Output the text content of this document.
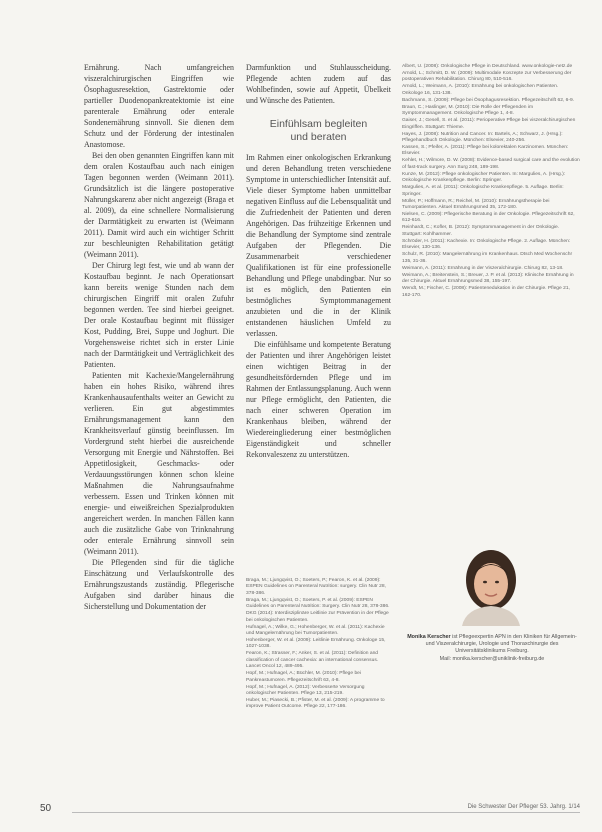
Ernährung. Nach umfangreichen viszeralchirurgischen Eingriffen wie Ösophagusresektion, Gastrektomie oder partieller Duodenopankreatektomie ist eine parenterale Ernährung oder enterale Sondenernährung sinnvoll. Sie dienen dem Schutz und der Förderung der intestinalen Anastomose.

Bei den oben genannten Eingriffen kann mit dem oralen Kostaufbau auch nach einigen Tagen begonnen werden (Weimann 2011). Grundsätzlich ist die längere postoperative Nahrungskarenz aber nicht angezeigt (Braga et al. 2009), da eine schnellere Normalisierung der Darmtätigkeit zu erwarten ist (Weimann 2011). Damit wird auch ein wichtiger Schritt zur beschleunigten Rehabilitation getätigt (Weimann 2011).

Der Chirurg legt fest, wie und ab wann der Kostaufbau beginnt. Je nach Operationsart kann bereits wenige Stunden nach dem chirurgischen Eingriff mit oralen Zufuhr begonnen werden. Tee sind hierbei geeignet. Der orale Kostaufbau beginnt mit flüssiger Kost, Pudding, Brei, Suppe und Joghurt. Die Vorgehensweise richtet sich in erster Linie nach der Darmtätigkeit und Verträglichkeit des Patienten.

Patienten mit Kachexie/Mangelernährung haben ein hohes Risiko, während ihres Krankenhausaufenthalts weiter an Gewicht zu verlieren. Ein gut abgestimmtes Ernährungsmanagement kann den Krankheitsverlauf günstig beeinflussen. Im Vordergrund steht hierbei die ausreichende Versorgung mit Energie und Nährstoffen. Bei Appetitlosigkeit, Geschmacks- oder Verdauungsstörungen können schon kleine Maßnahmen die Nahrungsaufnahme verbessern. Essen und Trinken können mit energie- und eiweißreichen Spezialprodukten angereichert werden. In manchen Fällen kann auch die zusätzliche Gabe von Trinknahrung oder enterale Ernährung sinnvoll sein (Weimann 2011).

Die Pflegenden sind für die tägliche Einschätzung und Verlaufskontrolle des Ernährungszustands zuständig. Pflegerische Aufgaben sind darüber hinaus die Sicherstellung und Dokumentation der

Darmfunktion und Stuhlausscheidung. Pflegende achten zudem auf das Wohlbefinden, sowie auf Appetit, Übelkeit und Wünsche des Patienten.

Einfühlsam begleiten
und beraten

Im Rahmen einer onkologischen Erkrankung und deren Behandlung treten verschiedene Symptome in unterschiedlicher Intensität auf. Viele dieser Symptome haben unmittelbar negativen Einfluss auf die Lebensqualität und die Zufriedenheit der Patienten und deren Angehörigen. Das frühzeitige Erkennen und die Behandlung der Symptome sind zentrale Aufgaben der Pflegenden. Die Zusammenarbeit verschiedener Qualifikationen ist für eine professionelle Behandlung und Pflege unabdingbar. Nur so ist es möglich, den Patienten ein bestmögliches Symptommanagement anzubieten und die in der Klinik entstandenen häuslichen Umfeld zu verlassen.

Die einfühlsame und kompetente Beratung der Patienten und ihrer Angehörigen leistet einen wichtigen Beitrag in der gesundheitsfördernden Pflege und im Rahmen der Entlassungsplanung. Auch wenn nur Pflege ermöglicht, den Patienten, die nach einer schweren Operation im Krankenhaus bleiben, während der Wiedereingliederung einer bestmöglichen Eigenständigkeit und schneller Rekonvaleszenz zu unterstützen.

Braga, M.; Ljungqvist, O.; Soeters, P.; Fearon, K. et al. (2009): ESPEN Guidelines on Parenteral Nutrition: surgery. Clin Nutr 28, 378-386.
Braga, M.; Ljungqvist, O.; Soeters, P. et al. (2009): ESPEN Guidelines on Parenteral Nutrition: Surgery. Clin Nutr 28, 378-386.
DKG (2014): Interdisziplinäre Leitlinie zur Prävention in der Pflege bei onkologischen Patienten.
Hufnagel, A.; Wilke, G.; Hohenberger, W. et al. (2011): Kachexie und Mangelernährung bei Tumorpatienten.
Hohenberger, W. et al. (2009): Leitlinie Ernährung. Onkologe 15, 1027-1038.
Fearon, K.; Strasser, F.; Anker, S. et al. (2011): Definition and classification of cancer cachexia: an international consensus. Lancet Oncol 12, 489-495.
Hopf, M.; Hufnagel, A.; Büchler, M. (2010): Pflege bei Pankreastumoren. Pflegezeitschrift 63, 4-8.
Hopf, M.; Hufnagel, A. (2012): Verbesserte Versorgung onkologischer Patienten. Pflege 13, 215-219.
Huber, M.; Piasecki, B.; Pfister, M. et al. (2009): A programme to improve Patient Outcome. Pflege 22, 177-186.
Albert, U. (2008): Onkologische Pflege in Deutschland. www.onkologie-netz.de
Arnold, L.; Schmitt, D. W. (2009): Multimodale Konzepte zur Verbesserung der postoperativen Rehabilitation. Chirurg 80, 510-516.
Arnold, L.; Weimann, A. (2010): Ernährung bei onkologischen Patienten. Onkologe 16, 131-138.
Bachmann, S. (2009): Pflege bei Ösophagusresektion. Pflegezeitschrift 62, 6-9.
Braun, C.; Haslinger, M. (2010): Die Rolle der Pflegenden im Symptommanagement. Onkologische Pflege 1, 4-8.
Gaiser, J.; Gesell, S. et al. (2011): Perioperative Pflege bei viszeralchirurgischen Eingriffen. Stuttgart: Thieme.
Hayes, J. (2008): Nutrition and Cancer. In: Bartels, A.; Schwarz, J. (Hrsg.): Pflegehandbuch Onkologie. München: Elsevier, 240-256.
Kassen, S.; Pfeifer, A. (2011): Pflege bei kolorektalen Karzinomen. München: Elsevier.
Kehlet, H.; Wilmore, D. W. (2008): Evidence-based surgical care and the evolution of fast-track surgery. Ann Surg 248, 189-198.
Kunze, M. (2012): Pflege onkologischer Patienten. In: Margulies, A. (Hrsg.): Onkologische Krankenpflege. Berlin: Springer.
Margulies, A. et al. (2011): Onkologische Krankenpflege. 5. Auflage. Berlin: Springer.
Müller, P.; Hoffmann, R.; Reichel, M. (2010): Ernährungstherapie bei Tumorpatienten. Aktuel Ernährungsmed 35, 172-180.
Nielsen, C. (2009): Pflegerische Beratung in der Onkologie. Pflegezeitschrift 62, 612-616.
Reinhardt, C.; Kofler, B. (2012): Symptommanagement in der Onkologie. Stuttgart: Kohlhammer.
Schröder, H. (2011): Kachexie. In: Onkologische Pflege. 2. Auflage. München: Elsevier, 130-136.
Schulz, R. (2010): Mangelernährung im Krankenhaus. Dtsch Med Wochenschr 135, 31-36.
Weimann, A. (2011): Ernährung in der Viszeralchirurgie. Chirurg 82, 13-18.
Weimann, A.; Breitenstein, S.; Breuer, J. P. et al. (2013): Klinische Ernährung in der Chirurgie. Aktuel Ernährungsmed 38, 155-197.
Wendt, M.; Fischer, C. (2008): Patientenedukation in der Chirurgie. Pflege 21, 162-170.
Monika Kerscher ist Pflegeexpertin APN in den Kliniken für Allgemein- und Viszeralchirurgie, Urologie und Thoraxchirurgie des Universitätsklinikums Freiburg.
Mail: monika.kerscher@uniklinik-freiburg.de
50	Die Schwester Der Pfleger 53. Jahrg. 1/14
